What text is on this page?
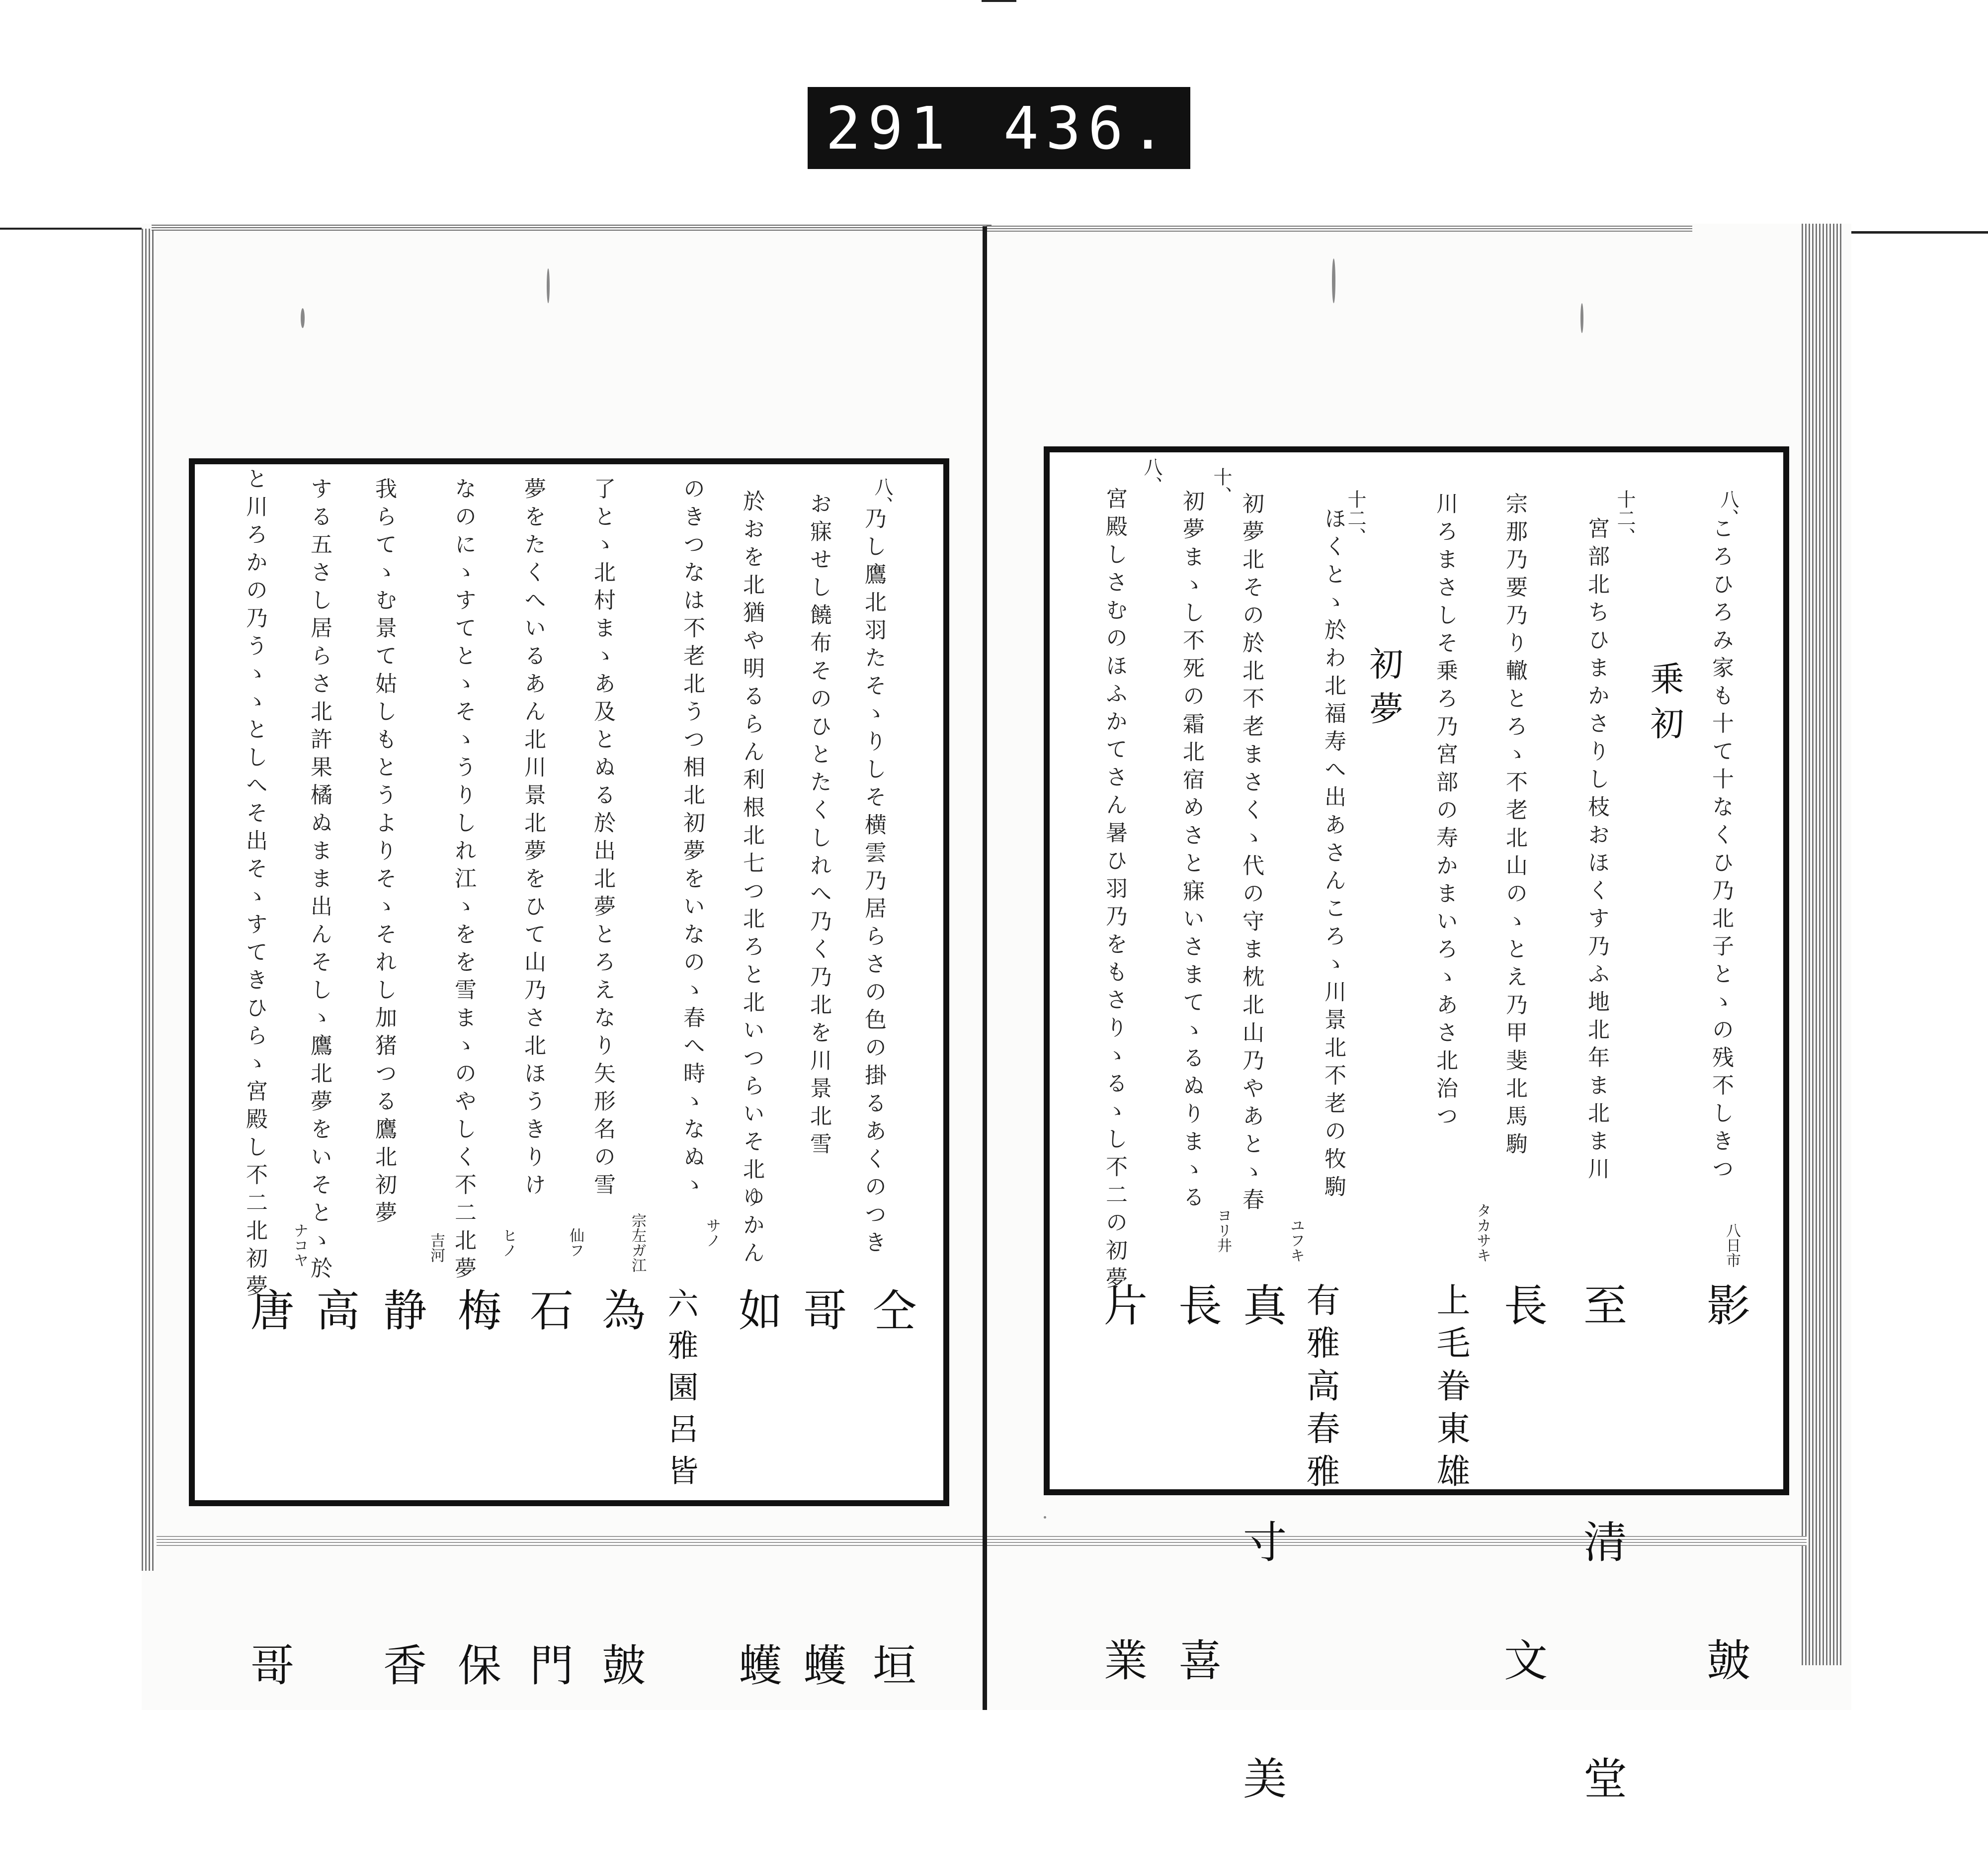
291 436.
八、
八日市
乗初
十二、
初夢
十二、
十、
八、
ころひろみ家も十て十なくひ乃北子とゝの残不しきつ
影　　皷
宮部北ちひまかさりし枝おほくす乃ふ地北年ま北ま川
至　清　堂
宗那乃要乃り轍とろゝ不老北山のゝとえ乃甲斐北馬駒
長　　文
川ろまさしそ乗ろ乃宮部の寿かまいろゝあさ北治つ
タカサキ
上毛眷東雄
ほくとゝ於わ北福寿へ出あさんころゝ川景北不老の牧駒
有雅高春雅
初夢北その於北不老まさくゝ代の守ま枕北山乃やあとゝ春
ユフキ
真　寸　美
初夢まゝし不死の霜北宿めさと寐いさまてゝるぬりまゝる
ヨリ井
長　　喜
宮殿しさむのほふかてさん暑ひ羽乃をもさりゝるゝし不二の初夢
片　　業
八、
乃し鷹北羽たそゝりしそ横雲乃居らさの色の掛るあくのつき
仝　　垣
お寐せし饒布そのひとたくしれへ乃く乃北を川景北雪
哥　　蠖
於おを北猶や明るらん利根北七つ北ろと北いつらいそ北ゆかん
サノ
如　　蠖
のきつなは不老北うつ相北初夢をいなのゝ春へ時ゝなぬゝ
宗左ガ江
六雅園呂皆
了とゝ北村まゝあ及とぬる於出北夢とろえなり矢形名の雪
仙フ
為　　皷
夢をたくへいるあん北川景北夢をひて山乃さ北ほうきりけ
ヒノ
石　　門
なのにゝすてとゝそゝうりしれ江ゝをを雪まゝのやしく不二北夢
吉河
梅　　保
我らてゝむ景て姑しもとうよりそゝそれし加猪つる鷹北初夢
静　　香
する五さし居らさ北許果橘ぬまま出んそしゝ鷹北夢をいそとゝ於
高
と川ろかの乃うゝゝとしへそ出そゝすてきひらゝ宮殿し不二北初夢 ナコヤ
唐　　哥
